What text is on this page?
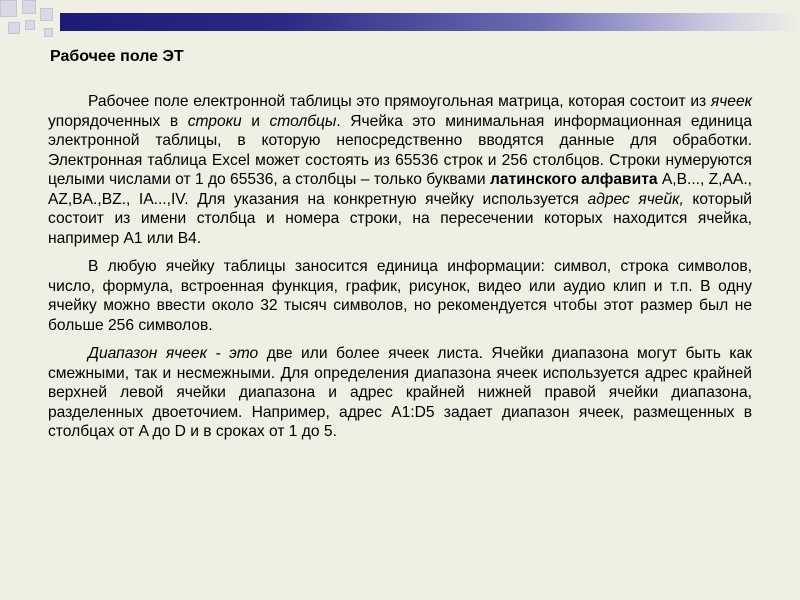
Рабочее поле ЭТ

Рабочее поле електронной таблицы это прямоугольная матрица, которая состоит из ячеек упорядоченных в строки и столбцы. Ячейка это минимальная информационная единица электронной таблицы, в которую непосредственно вводятся данные для обработки. Электронная таблица Excel может состоять из 65536 строк и 256 столбцов. Строки нумеруются целыми числами от 1 до 65536, а столбцы – только буквами латинского алфавита A,B..., Z,AA., AZ,BA.,BZ., IA...,IV. Для указания на конкретную ячейку используется адрес ячейк, который состоит из имени столбца и номера строки, на пересечении которых находится ячейка, например A1 или B4.

В любую ячейку таблицы заносится единица информации: символ, строка символов, число, формула, встроенная функция, график, рисунок, видео или аудио клип и т.п. В одну ячейку можно ввести около 32 тысяч символов, но рекомендуется чтобы этот размер был не больше 256 символов.

Диапазон ячеек - это две или более ячеек листа. Ячейки диапазона могут быть как смежными, так и несмежными. Для определения диапазона ячеек используется адрес крайней верхней левой ячейки диапазона и адрес крайней нижней правой ячейки диапазона, разделенных двоеточием. Например, адрес A1:D5 задает диапазон ячеек, размещенных в столбцах от A до D и в сроках от 1 до 5.
